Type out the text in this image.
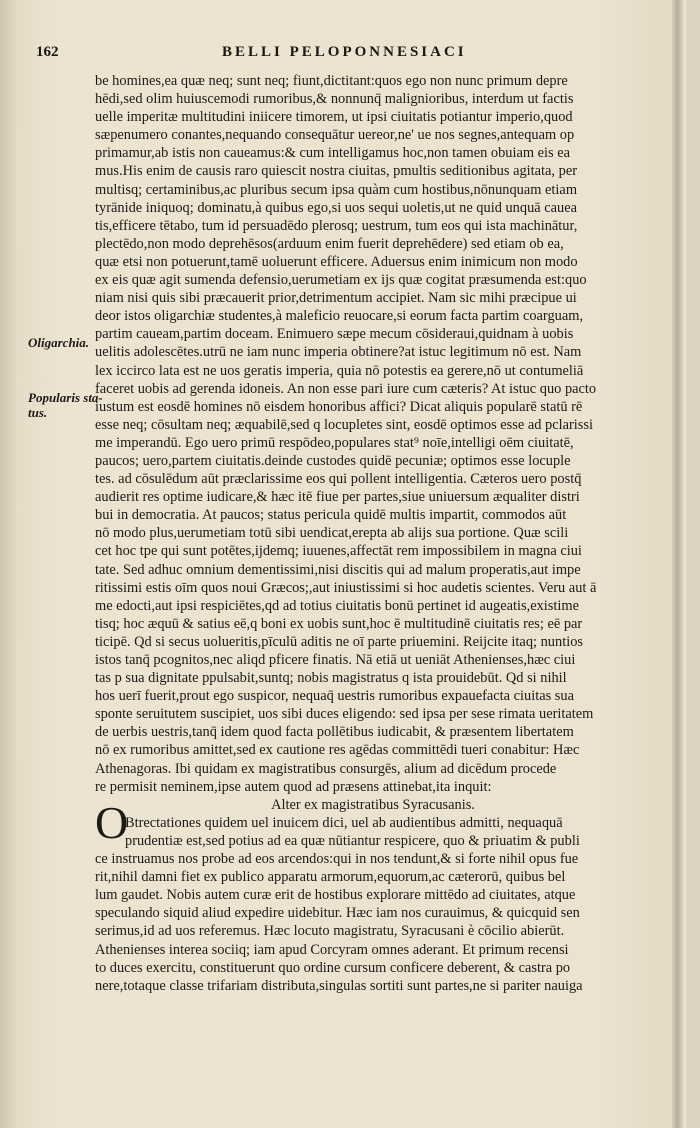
162	BELLI PELOPONNESIACI
Oligarchia.
Popularis sta-
tus.
O
be homines,ea quæ neq; sunt neq; fiunt,dictitant:quos ego non nunc primum depre
hēdi,sed olim huiuscemodi rumoribus,& nonnunq̄ malignioribus, interdum ut factis
uelle imperitæ multitudini iniicere timorem, ut ipsi ciuitatis potiantur imperio,quod
sæpenumero conantes,nequando consequātur uereor,ne' ue nos segnes,antequam op
primamur,ab istis non caueamus:& cum intelligamus hoc,non tamen obuiam eis ea
mus.His enim de causis raro quiescit nostra ciuitas, pmultis seditionibus agitata, per
multisq; certaminibus,ac pluribus secum ipsa quàm cum hostibus,nōnunquam etiam
tyrānide iniquoq; dominatu,à quibus ego,si uos sequi uoletis,ut ne quid unquā cauea
tis,efficere tētabo, tum id persuadēdo plerosq; uestrum, tum eos qui ista machinātur,
plectēdo,non modo deprehēsos(arduum enim fuerit deprehēdere) sed etiam ob ea,
quæ etsi non potuerunt,tamē uoluerunt efficere. Aduersus enim inimicum non modo
ex eis quæ agit sumenda defensio,uerumetiam ex ijs quæ cogitat præsumenda est:quo
niam nisi quis sibi præcauerit prior,detrimentum accipiet. Nam sic mihi præcipue ui
deor istos oligarchiæ studentes,à maleficio reuocare,si eorum facta partim coarguam,
partim caueam,partim doceam. Enimuero sæpe mecum cōsideraui,quidnam à uobis
uelitis adolescētes.utrū ne iam nunc imperia obtinere?at istuc legitimum nō est. Nam
lex iccirco lata est ne uos geratis imperia, quia nō potestis ea gerere,nō ut contumeliā
faceret uobis ad gerenda idoneis. An non esse pari iure cum cæteris? At istuc quo pacto
iustum est eosdē homines nō eisdem honoribus affici? Dicat aliquis popularē statū rē
esse neq; cōsultam neq; æquabilē,sed q locupletes sint, eosdē optimos esse ad pclarissi
me imperandū. Ego uero primū respōdeo,populares stat⁹ noīe,intelligi oēm ciuitatē,
paucos; uero,partem ciuitatis.deinde custodes quidē pecuniæ; optimos esse locuple
tes. ad cōsulēdum aūt præclarissime eos qui pollent intelligentia. Cæteros uero postq̄
audierit res optime iudicare,& hæc itē fiue per partes,siue uniuersum æqualiter distri
bui in democratia. At paucos; status pericula quidē multis impartit, commodos aūt
nō modo plus,uerumetiam totū sibi uendicat,erepta ab alijs sua portione. Quæ scili
cet hoc tpe qui sunt potētes,ijdemq; iuuenes,affectāt rem impossibilem in magna ciui
tate. Sed adhuc omnium dementissimi,nisi discitis qui ad malum properatis,aut impe
ritissimi estis oīm quos noui Græcos;,aut iniustissimi si hoc audetis scientes. Veru aut ā
me edocti,aut ipsi respiciētes,qd ad totius ciuitatis bonū pertinet id augeatis,existime
tisq; hoc æquū & satius eē,q boni ex uobis sunt,hoc ē multitudinē ciuitatis res; eē par
ticipē. Qd si secus uolueritis,pīculū aditis ne oī parte priuemini. Reijcite itaq; nuntios
istos tanq̄ pcognitos,nec aliqd pficere finatis. Nā etiā ut ueniāt Athenienses,hæc ciui
tas p sua dignitate ppulsabit,suntq; nobis magistratus q ista prouidebūt. Qd si nihil
hos uerī fuerit,prout ego suspicor, nequaq̄ uestris rumoribus expauefacta ciuitas sua
sponte seruitutem suscipiet, uos sibi duces eligendo: sed ipsa per sese rimata ueritatem
de uerbis uestris,tanq̄ idem quod facta pollētibus iudicabit, & præsentem libertatem
nō ex rumoribus amittet,sed ex cautione res agēdas committēdi tueri conabitur: Hæc
Athenagoras. Ibi quidam ex magistratibus consurgēs, alium ad dicēdum procede
re permisit neminem,ipse autem quod ad præsens attinebat,ita inquit:
Alter ex magistratibus Syracusanis.
Btrectationes quidem uel inuicem dici, uel ab audientibus admitti, nequaquā
prudentiæ est,sed potius ad ea quæ nūtiantur respicere, quo & priuatim & publi
ce instruamus nos probe ad eos arcendos:qui in nos tendunt,& si forte nihil opus fue
rit,nihil damni fiet ex publico apparatu armorum,equorum,ac cæterorū, quibus bel
lum gaudet. Nobis autem curæ erit de hostibus explorare mittēdo ad ciuitates, atque
speculando siquid aliud expedire uidebitur. Hæc iam nos curauimus, & quicquid sen
serimus,id ad uos referemus. Hæc locuto magistratu, Syracusani è cōcilio abierūt.
Athenienses interea sociiq; iam apud Corcyram omnes aderant. Et primum recensi
to duces exercitu, constituerunt quo ordine cursum conficere deberent, & castra po
nere,totaque classe trifariam distributa,singulas sortiti sunt partes,ne si pariter nauiga
